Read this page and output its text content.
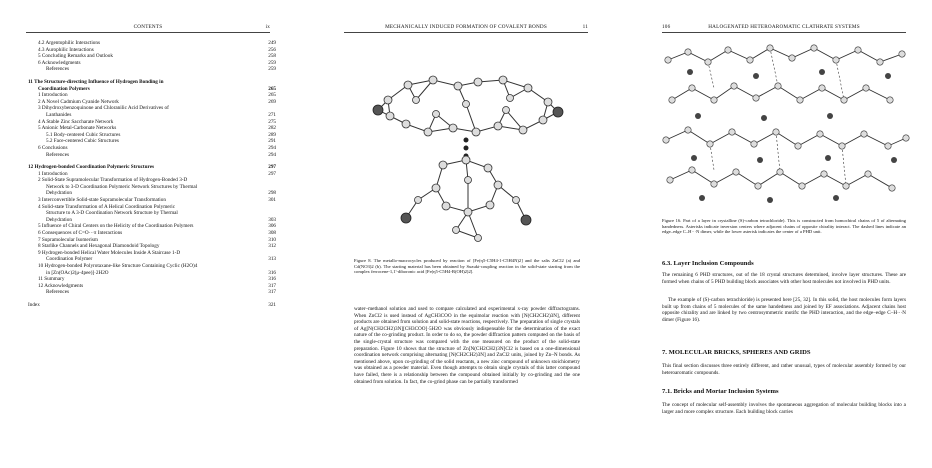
CONTENTS	ix
4.2 Argentophilic Interactions	249
4.3 Aurophilic Interactions	256
5 Concluding Remarks and Outlook	258
6 Acknowledgments	259
References	259
11 The Structure-directing Influence of Hydrogen Bonding in
Coordination Polymers	265
1 Introduction	265
2 A Novel Cadmium Cyanide Network	269
3 Dihydroxybenzoquinone and Chloranilic Acid Derivatives of
Lanthanides	271
4 A Stable Zinc Saccharate Network	275
5 Anionic Metal-Carbonate Networks	282
5.1 Body-centered Cubic Structures	289
5.2 Face-centered Cubic Structures	291
6 Conclusions	294
References	294
12 Hydrogen-bonded Coordination Polymeric Structures	297
1 Introduction	297
2 Solid-State Supramolecular Transformation of Hydrogen-Bonded 3-D
Network to 3-D Coordination Polymeric Network Structures by Thermal
Dehydration	298
3 Interconvertible Solid-state Supramolecular Transformation	301
4 Solid-state Transformation of A Helical Coordination Polymeric
Structure to A 3-D Coordination Network Structure by Thermal
Dehydration	303
5 Influence of Chiral Centers on the Helicity of the Coordination Polymers	306
6 Consequences of C=O···π Interactions	308
7 Supramolecular Isomerism	310
8 Starlike Channels and Hexagonal Diamondoid Topology	312
9 Hydrogen-bonded Helical Water Molecules Inside A Staircase 1-D
Coordination Polymer	313
10 Hydrogen-bonded Polyrotaxane-like Structure Containing Cyclic (H2O)4
in [Zn(OAc)2(μ-4pee)]·2H2O	316
11 Summary	316
12 Acknowledgments	317
References	317
Index	321
MECHANICALLY INDUCED FORMATION OF COVALENT BONDS	11
Figure 8. The metallo-macrocycles produced by reaction of [Fe(η5-C5H4-1-C5H4N)2] and the salts ZnCl2 (a) and Cd(NO3)2 (b). The starting material has been obtained by Suzuki-coupling reaction in the solid-state starting from the complex ferrocene-1,1'-diboronic acid [Fe(η5-C5H4-B(OH)2)2].
water–methanol solution and used to compare calculated and experimental x-ray powder diffractograms. When ZnCl2 is used instead of AgCH3COO in the equimolar reaction with [N(CH2CH2)3N], different products are obtained from solution and solid-state reactions, respectively. The preparation of single crystals of Ag[N(CH2CH2)3N][CH3COO]·5H2O was obviously indispensable for the determination of the exact nature of the co-grinding product. In order to do so, the powder diffraction pattern computed on the basis of the single-crystal structure was compared with the one measured on the product of the solid-state preparation. Figure 10 shows that the structure of Zn[N(CH2CH2)3N]Cl2 is based on a one-dimensional coordination network comprising alternating [N(CH2CH2)3N] and ZnCl2 units, joined by Zn–N bonds. As mentioned above, upon co-grinding of the solid reactants, a new zinc compound of unknown stoichiometry was obtained as a powder material. Even though attempts to obtain single crystals of this latter compound have failed, there is a relationship between the compound obtained initially by co-grinding and the one obtained from solution. In fact, the co-grind phase can be partially transformed
106	HALOGENATED HETEROAROMATIC CLATHRATE SYSTEMS
Figure 16. Part of a layer in crystalline (S)-carbon tetrachloride). This is constructed from homochiral chains of 5 of alternating handedness. Asterisks indicate inversion centers where adjacent chains of opposite chirality interact. The dashed lines indicate an edge–edge C–H···N dimer, while the lower asterisk indicates the center of a PHD unit.
6.3. Layer Inclusion Compounds
The remaining 6 PHD structures, out of the 18 crystal structures determined, involve layer structures. These are formed when chains of 5 PHD building block associates with other host molecules not involved in PHD units.
The example of (S)-carbon tetrachloride) is presented here [25, 32]. In this solid, the host molecules form layers built up from chains of 5 molecules of the same handedness and joined by EF associations. Adjacent chains host opposite chirality and are linked by two centrosymmetric motifs: the PHD interaction, and the edge–edge C–H···N dimer (Figure 16).
7. MOLECULAR BRICKS, SPHERES AND GRIDS
This final section discusses three entirely different, and rather unusual, types of molecular assembly formed by our heteroaromatic compounds.
7.1. Bricks and Mortar Inclusion Systems
The concept of molecular self-assembly involves the spontaneous aggregation of molecular building blocks into a larger and more complex structure. Each building block carries
